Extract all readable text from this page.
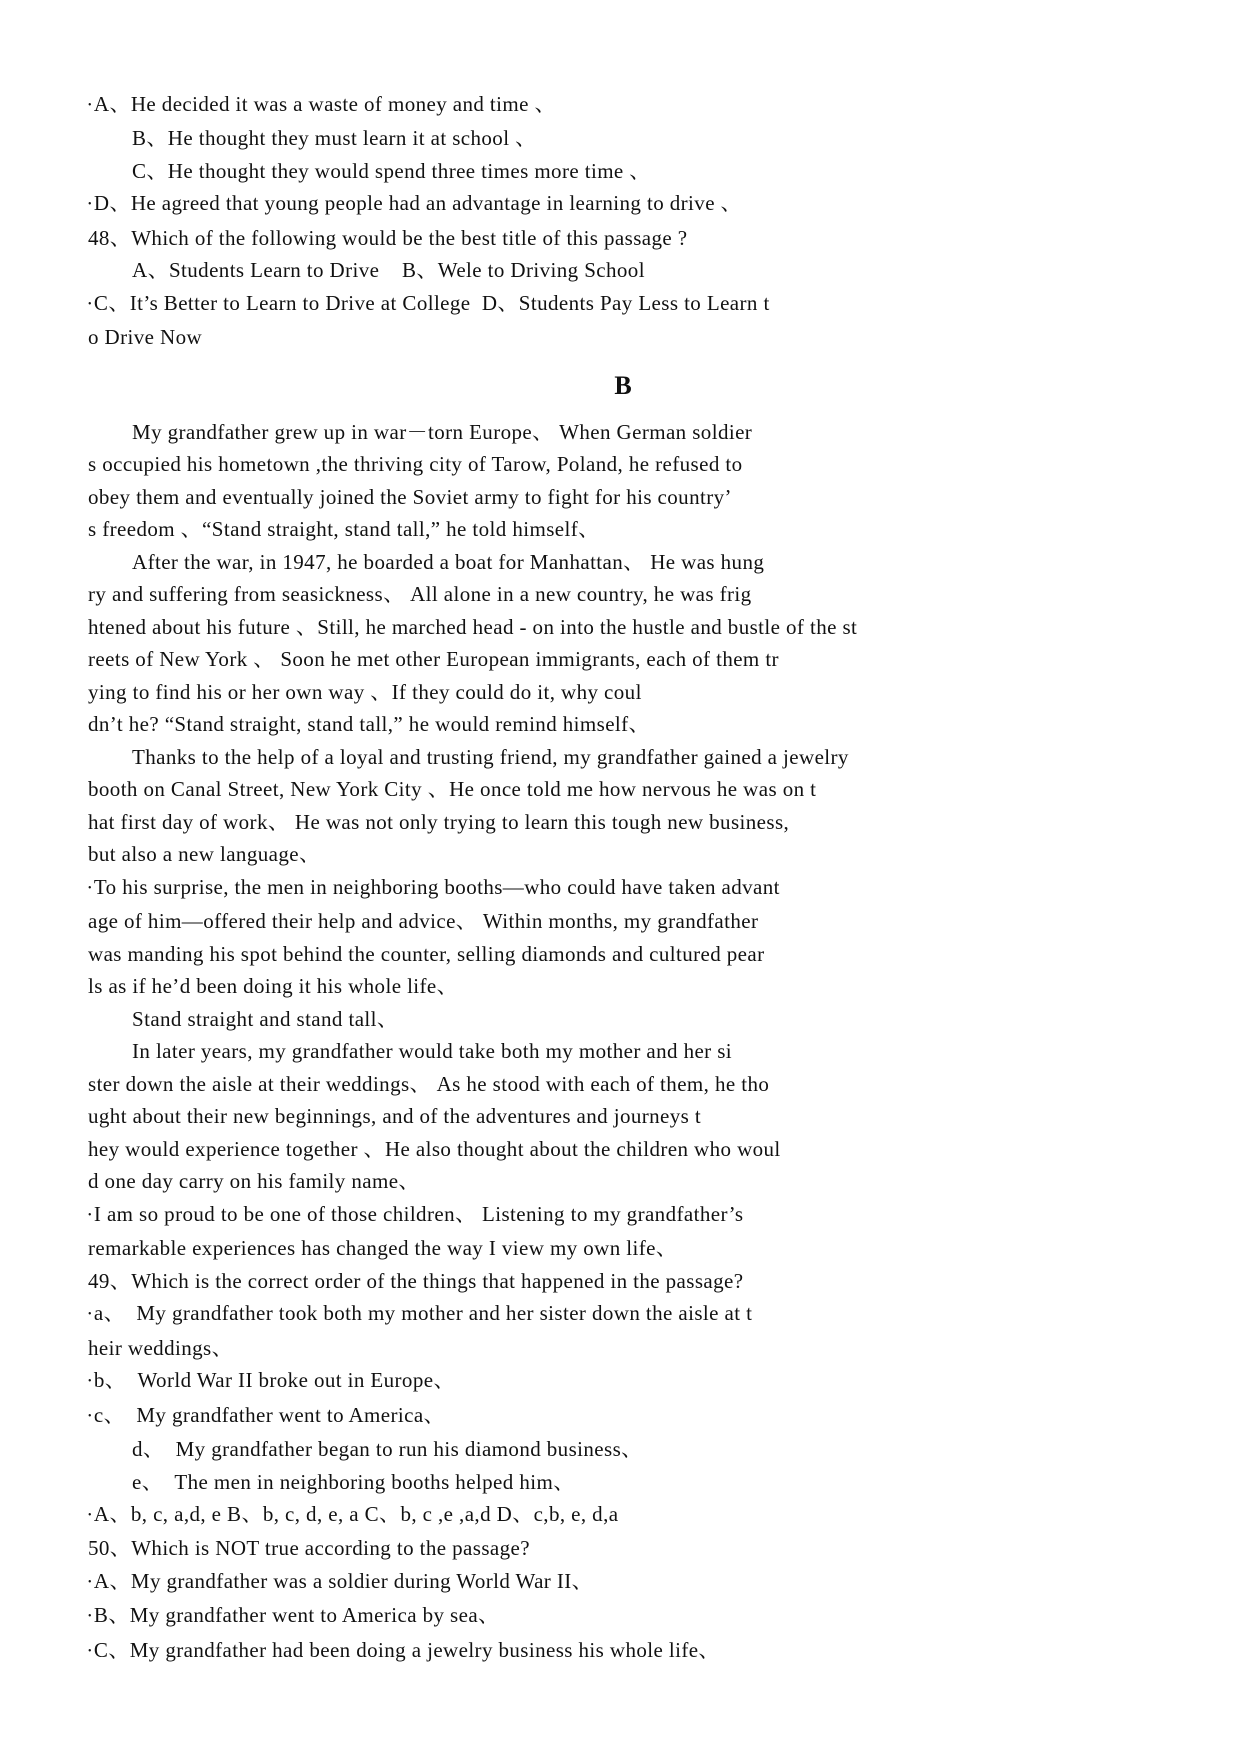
• A、He decided it was a waste of money and time 、
B、He thought they must learn it at school 、
C、He thought they would spend three times more time 、
• D、He agreed that young people had an advantage in learning to drive 、
48、Which of the following would be the best title of this passage ?
A、Students Learn to Drive    B、Wele to Driving School
• C、It’s Better to Learn to Drive at College  D、Students Pay Less to Learn t
o Drive Now
B
My grandfather grew up in war－torn Europe、 When German soldier
s occupied his hometown ,the thriving city of Tarow, Poland, he refused to
obey them and eventually joined the Soviet army to fight for his country’
s freedom 、“Stand straight, stand tall,” he told himself、
After the war, in 1947, he boarded a boat for Manhattan、 He was hung
ry and suffering from seasickness、 All alone in a new country, he was frig
htened about his future 、Still, he marched head - on into the hustle and bustle of the st
reets of New York 、 Soon he met other European immigrants, each of them tr
ying to find his or her own way 、If they could do it, why coul
dn’t he? “Stand straight, stand tall,” he would remind himself、
Thanks to the help of a loyal and trusting friend, my grandfather gained a jewelry
booth on Canal Street, New York City 、He once told me how nervous he was on t
hat first day of work、 He was not only trying to learn this tough new business,
but also a new language、
• To his surprise, the men in neighboring booths—who could have taken advant
age of him—offered their help and advice、 Within months, my grandfather
was manding his spot behind the counter, selling diamonds and cultured pear
ls as if he’d been doing it his whole life、
Stand straight and stand tall、
In later years, my grandfather would take both my mother and her si
ster down the aisle at their weddings、 As he stood with each of them, he tho
ught about their new beginnings, and of the adventures and journeys t
hey would experience together 、He also thought about the children who woul
d one day carry on his family name、
• I am so proud to be one of those children、 Listening to my grandfather’s
remarkable experiences has changed the way I view my own life、
49、Which is the correct order of the things that happened in the passage?
• a、  My grandfather took both my mother and her sister down the aisle at t
heir weddings、
• b、  World War II broke out in Europe、
• c、  My grandfather went to America、
d、  My grandfather began to run his diamond business、
e、  The men in neighboring booths helped him、
• A、b, c, a,d, e B、b, c, d, e, a C、b, c ,e ,a,d D、c,b, e, d,a
50、Which is NOT true according to the passage?
• A、My grandfather was a soldier during World War II、
• B、My grandfather went to America by sea、
• C、My grandfather had been doing a jewelry business his whole life、
